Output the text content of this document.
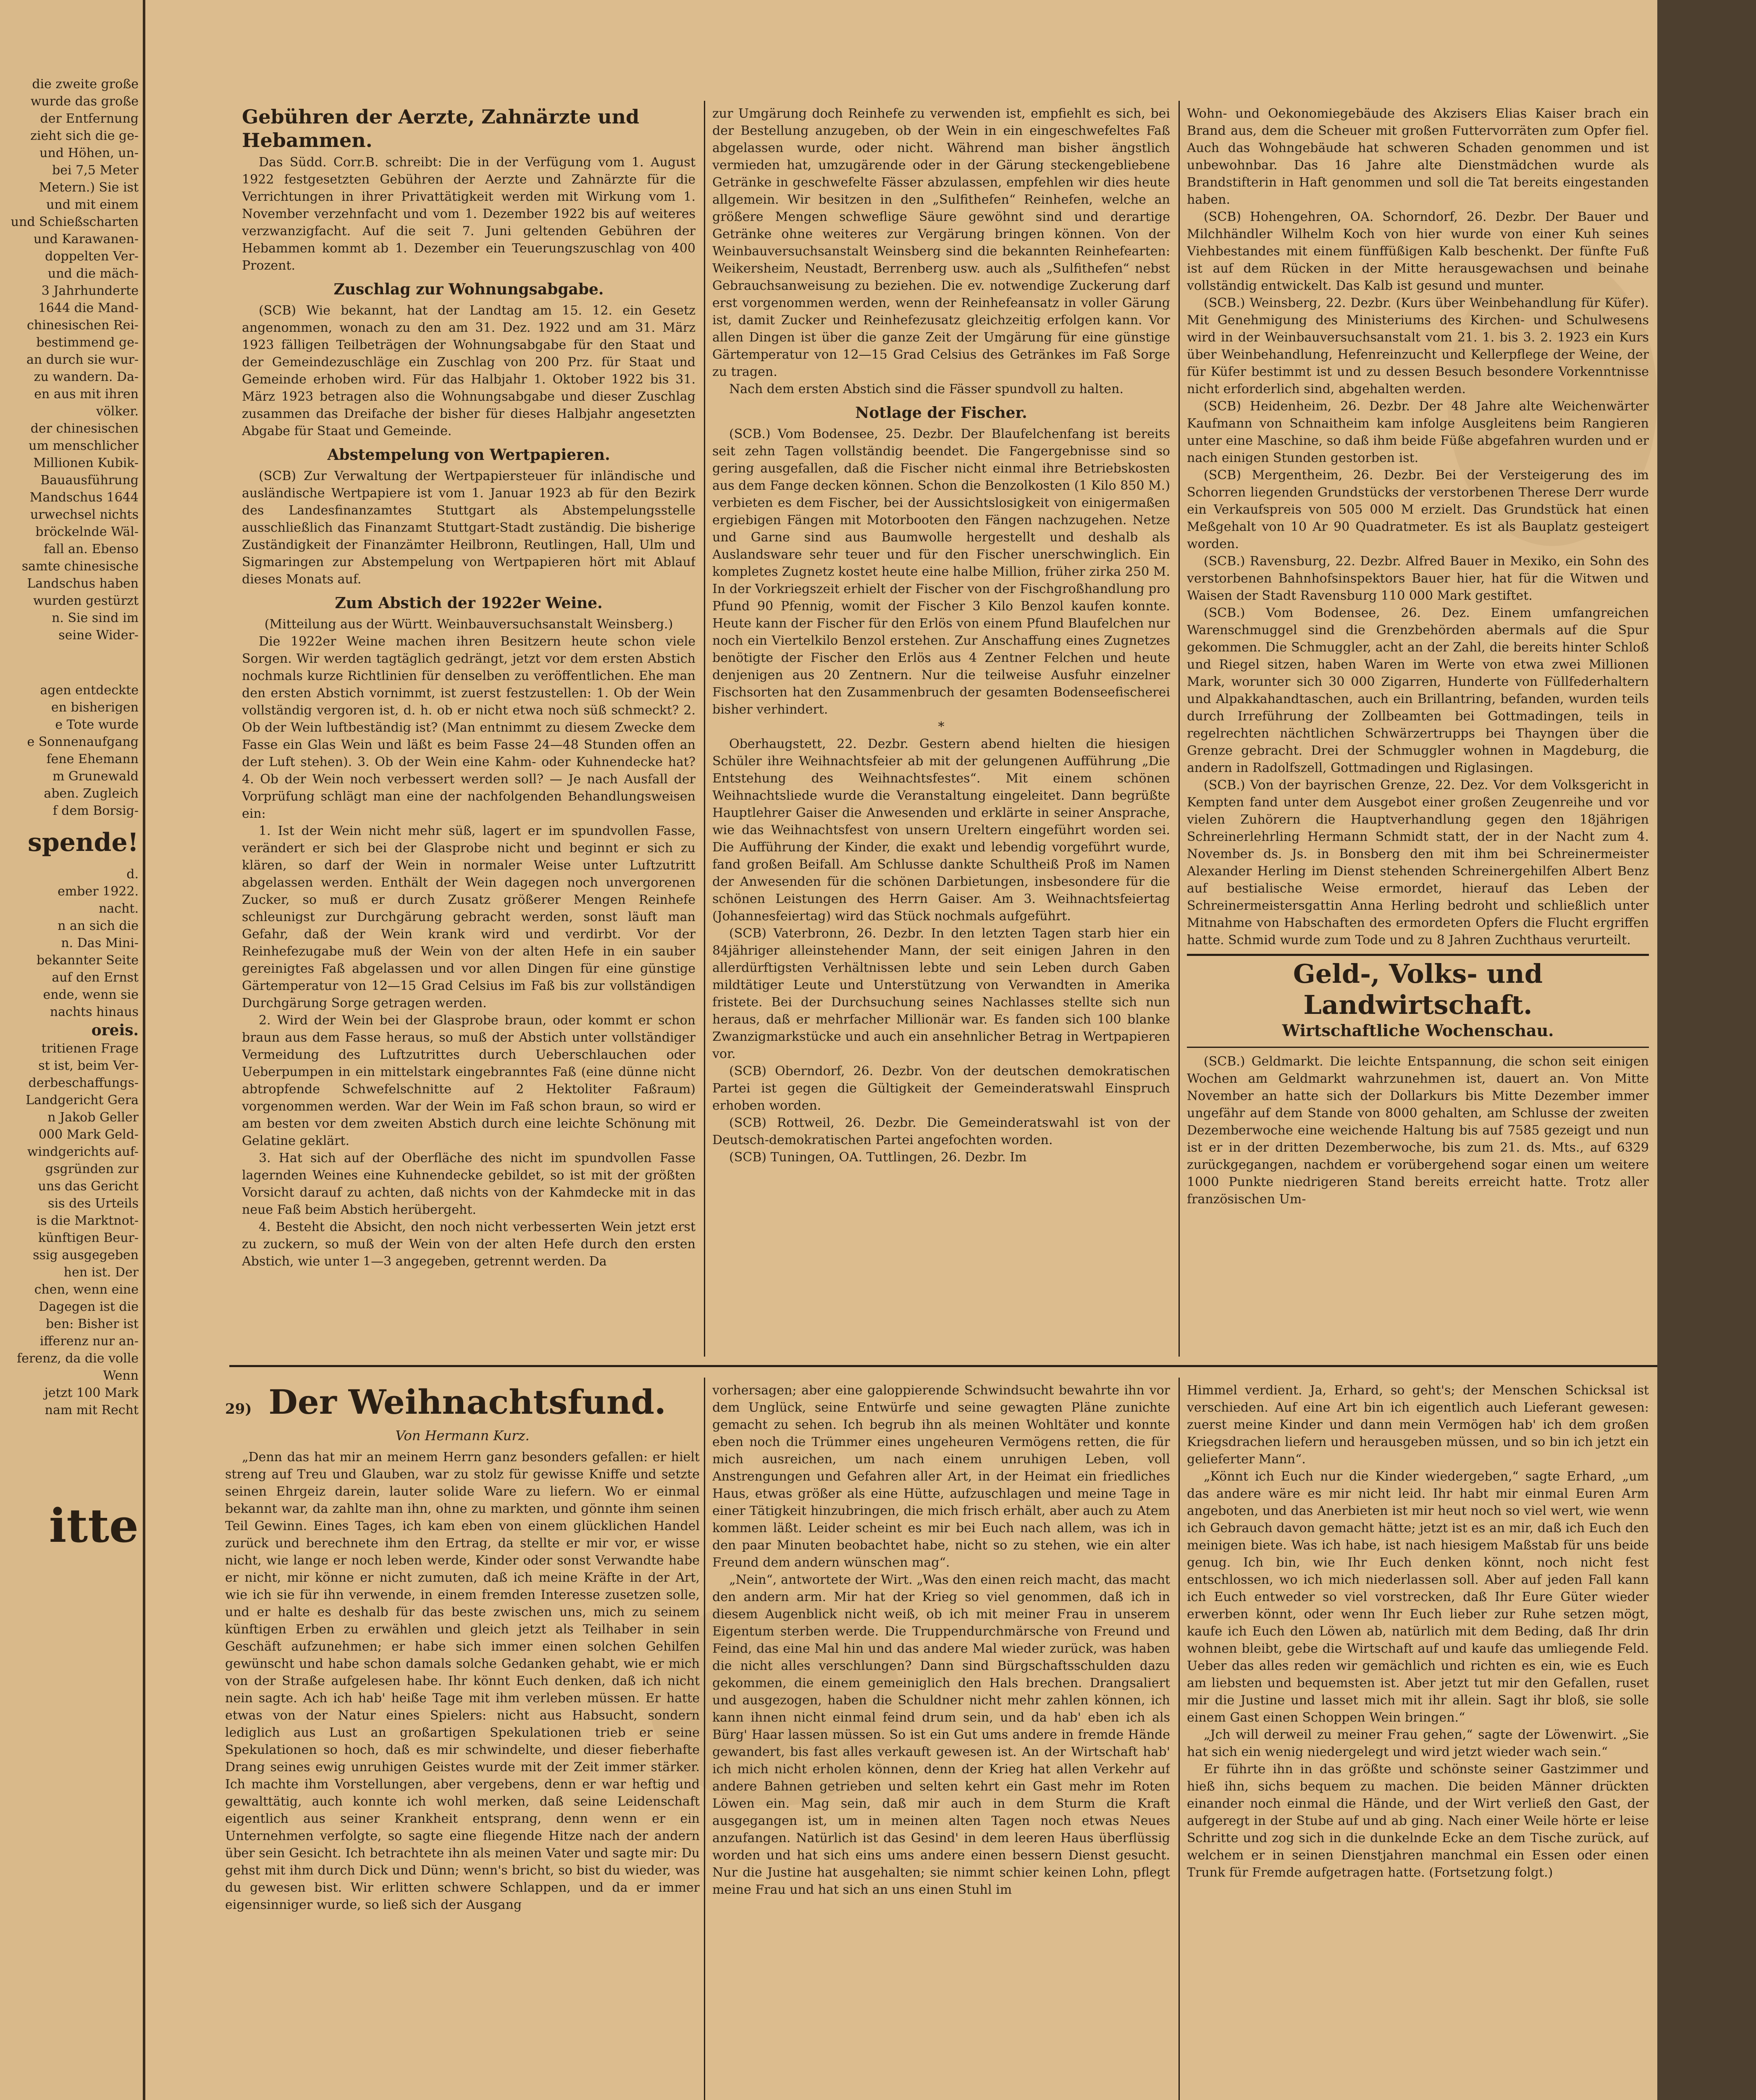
die zweite große
wurde das große
der Entfernung
zieht sich die ge-
und Höhen, un-
bei 7,5 Meter
Metern.) Sie ist
und mit einem
und Schießscharten
und Karawanen-
doppelten Ver-
und die mäch-
3 Jahrhunderte
1644 die Mand-
chinesischen Rei-
bestimmend ge-
an durch sie wur-
zu wandern. Da-
en aus mit ihren
völker.
der chinesischen
um menschlicher
Millionen Kubik-
Bauausführung
Mandschus 1644
urwechsel nichts
bröckelnde Wäl-
fall an. Ebenso
samte chinesische
Landschus haben
wurden gestürzt
n. Sie sind im
seine Wider-
agen entdeckte
en bisherigen
e Tote wurde
e Sonnenaufgang
fene Ehemann
m Grunewald
aben. Zugleich
f dem Borsig-
spende!
d.
ember 1922.
nacht.
n an sich die
n. Das Mini-
bekannter Seite
auf den Ernst
ende, wenn sie
nachts hinaus
oreis.
tritienen Frage
st ist, beim Ver-
derbeschaffungs-
Landgericht Gera
n Jakob Geller
000 Mark Geld-
windgerichts auf-
gsgründen zur
uns das Gericht
sis des Urteils
is die Marktnot-
künftigen Beur-
ssig ausgegeben
hen ist. Der
chen, wenn eine
Dagegen ist die
ben: Bisher ist
ifferenz nur an-
ferenz, da die volle
Wenn
jetzt 100 Mark
nam mit Recht
itte
Gebühren der Aerzte, Zahnärzte und Hebammen.

Das Südd. Corr.B. schreibt: Die in der Verfügung vom 1. August 1922 festgesetzten Gebühren der Aerzte und Zahnärzte für die Verrichtungen in ihrer Privattätigkeit werden mit Wirkung vom 1. November verzehnfacht und vom 1. Dezember 1922 bis auf weiteres verzwanzigfacht. Auf die seit 7. Juni geltenden Gebühren der Hebammen kommt ab 1. Dezember ein Teuerungszuschlag von 400 Prozent.

Zuschlag zur Wohnungsabgabe.

(SCB) Wie bekannt, hat der Landtag am 15. 12. ein Gesetz angenommen, wonach zu den am 31. Dez. 1922 und am 31. März 1923 fälligen Teilbeträgen der Wohnungsabgabe für den Staat und der Gemeindezuschläge ein Zuschlag von 200 Prz. für Staat und Gemeinde erhoben wird. Für das Halbjahr 1. Oktober 1922 bis 31. März 1923 betragen also die Wohnungsabgabe und dieser Zuschlag zusammen das Dreifache der bisher für dieses Halbjahr angesetzten Abgabe für Staat und Gemeinde.

Abstempelung von Wertpapieren.

(SCB) Zur Verwaltung der Wertpapiersteuer für inländische und ausländische Wertpapiere ist vom 1. Januar 1923 ab für den Bezirk des Landesfinanzamtes Stuttgart als Abstempelungsstelle ausschließlich das Finanzamt Stuttgart-Stadt zuständig. Die bisherige Zuständigkeit der Finanzämter Heilbronn, Reutlingen, Hall, Ulm und Sigmaringen zur Abstempelung von Wertpapieren hört mit Ablauf dieses Monats auf.

Zum Abstich der 1922er Weine.

(Mitteilung aus der Württ. Weinbauversuchsanstalt Weinsberg.)

Die 1922er Weine machen ihren Besitzern heute schon viele Sorgen. Wir werden tagtäglich gedrängt, jetzt vor dem ersten Abstich nochmals kurze Richtlinien für denselben zu veröffentlichen. Ehe man den ersten Abstich vornimmt, ist zuerst festzustellen: 1. Ob der Wein vollständig vergoren ist, d. h. ob er nicht etwa noch süß schmeckt? 2. Ob der Wein luftbeständig ist? (Man entnimmt zu diesem Zwecke dem Fasse ein Glas Wein und läßt es beim Fasse 24—48 Stunden offen an der Luft stehen). 3. Ob der Wein eine Kahm- oder Kuhnendecke hat? 4. Ob der Wein noch verbessert werden soll? — Je nach Ausfall der Vorprüfung schlägt man eine der nachfolgenden Behandlungsweisen ein:

1. Ist der Wein nicht mehr süß, lagert er im spundvollen Fasse, verändert er sich bei der Glasprobe nicht und beginnt er sich zu klären, so darf der Wein in normaler Weise unter Luftzutritt abgelassen werden. Enthält der Wein dagegen noch unvergorenen Zucker, so muß er durch Zusatz größerer Mengen Reinhefe schleunigst zur Durchgärung gebracht werden, sonst läuft man Gefahr, daß der Wein krank wird und verdirbt. Vor der Reinhefezugabe muß der Wein von der alten Hefe in ein sauber gereinigtes Faß abgelassen und vor allen Dingen für eine günstige Gärtemperatur von 12—15 Grad Celsius im Faß bis zur vollständigen Durchgärung Sorge getragen werden.

2. Wird der Wein bei der Glasprobe braun, oder kommt er schon braun aus dem Fasse heraus, so muß der Abstich unter vollständiger Vermeidung des Luftzutrittes durch Ueberschlauchen oder Ueberpumpen in ein mittelstark eingebranntes Faß (eine dünne nicht abtropfende Schwefelschnitte auf 2 Hektoliter Faßraum) vorgenommen werden. War der Wein im Faß schon braun, so wird er am besten vor dem zweiten Abstich durch eine leichte Schönung mit Gelatine geklärt.

3. Hat sich auf der Oberfläche des nicht im spundvollen Fasse lagernden Weines eine Kuhnendecke gebildet, so ist mit der größten Vorsicht darauf zu achten, daß nichts von der Kahmdecke mit in das neue Faß beim Abstich herübergeht.

4. Besteht die Absicht, den noch nicht verbesserten Wein jetzt erst zu zuckern, so muß der Wein von der alten Hefe durch den ersten Abstich, wie unter 1—3 angegeben, getrennt werden. Da

zur Umgärung doch Reinhefe zu verwenden ist, empfiehlt es sich, bei der Bestellung anzugeben, ob der Wein in ein eingeschwefeltes Faß abgelassen wurde, oder nicht. Während man bisher ängstlich vermieden hat, umzugärende oder in der Gärung steckengebliebene Getränke in geschwefelte Fässer abzulassen, empfehlen wir dies heute allgemein. Wir besitzen in den „Sulfithefen“ Reinhefen, welche an größere Mengen schweflige Säure gewöhnt sind und derartige Getränke ohne weiteres zur Vergärung bringen können. Von der Weinbauversuchsanstalt Weinsberg sind die bekannten Reinhefearten: Weikersheim, Neustadt, Berrenberg usw. auch als „Sulfithefen“ nebst Gebrauchsanweisung zu beziehen. Die ev. notwendige Zuckerung darf erst vorgenommen werden, wenn der Reinhefeansatz in voller Gärung ist, damit Zucker und Reinhefezusatz gleichzeitig erfolgen kann. Vor allen Dingen ist über die ganze Zeit der Umgärung für eine günstige Gärtemperatur von 12—15 Grad Celsius des Getränkes im Faß Sorge zu tragen.

Nach dem ersten Abstich sind die Fässer spundvoll zu halten.

Notlage der Fischer.

(SCB.) Vom Bodensee, 25. Dezbr. Der Blaufelchenfang ist bereits seit zehn Tagen vollständig beendet. Die Fangergebnisse sind so gering ausgefallen, daß die Fischer nicht einmal ihre Betriebskosten aus dem Fange decken können. Schon die Benzolkosten (1 Kilo 850 M.) verbieten es dem Fischer, bei der Aussichtslosigkeit von einigermaßen ergiebigen Fängen mit Motorbooten den Fängen nachzugehen. Netze und Garne sind aus Baumwolle hergestellt und deshalb als Auslandsware sehr teuer und für den Fischer unerschwinglich. Ein kompletes Zugnetz kostet heute eine halbe Million, früher zirka 250 M. In der Vorkriegszeit erhielt der Fischer von der Fischgroßhandlung pro Pfund 90 Pfennig, womit der Fischer 3 Kilo Benzol kaufen konnte. Heute kann der Fischer für den Erlös von einem Pfund Blaufelchen nur noch ein Viertelkilo Benzol erstehen. Zur Anschaffung eines Zugnetzes benötigte der Fischer den Erlös aus 4 Zentner Felchen und heute denjenigen aus 20 Zentnern. Nur die teilweise Ausfuhr einzelner Fischsorten hat den Zusammenbruch der gesamten Bodenseefischerei bisher verhindert.

*

Oberhaugstett, 22. Dezbr. Gestern abend hielten die hiesigen Schüler ihre Weihnachtsfeier ab mit der gelungenen Aufführung „Die Entstehung des Weihnachtsfestes“. Mit einem schönen Weihnachtsliede wurde die Veranstaltung eingeleitet. Dann begrüßte Hauptlehrer Gaiser die Anwesenden und erklärte in seiner Ansprache, wie das Weihnachtsfest von unsern Ureltern eingeführt worden sei. Die Aufführung der Kinder, die exakt und lebendig vorgeführt wurde, fand großen Beifall. Am Schlusse dankte Schultheiß Proß im Namen der Anwesenden für die schönen Darbietungen, insbesondere für die schönen Leistungen des Herrn Gaiser. Am 3. Weihnachtsfeiertag (Johannesfeiertag) wird das Stück nochmals aufgeführt.

(SCB) Vaterbronn, 26. Dezbr. In den letzten Tagen starb hier ein 84jähriger alleinstehender Mann, der seit einigen Jahren in den allerdürftigsten Verhältnissen lebte und sein Leben durch Gaben mildtätiger Leute und Unterstützung von Verwandten in Amerika fristete. Bei der Durchsuchung seines Nachlasses stellte sich nun heraus, daß er mehrfacher Millionär war. Es fanden sich 100 blanke Zwanzigmarkstücke und auch ein ansehnlicher Betrag in Wertpapieren vor.

(SCB) Oberndorf, 26. Dezbr. Von der deutschen demokratischen Partei ist gegen die Gültigkeit der Gemeinderatswahl Einspruch erhoben worden.

(SCB) Rottweil, 26. Dezbr. Die Gemeinderatswahl ist von der Deutsch-demokratischen Partei angefochten worden.

(SCB) Tuningen, OA. Tuttlingen, 26. Dezbr. Im

Wohn- und Oekonomiegebäude des Akzisers Elias Kaiser brach ein Brand aus, dem die Scheuer mit großen Futtervorräten zum Opfer fiel. Auch das Wohngebäude hat schweren Schaden genommen und ist unbewohnbar. Das 16 Jahre alte Dienstmädchen wurde als Brandstifterin in Haft genommen und soll die Tat bereits eingestanden haben.

(SCB) Hohengehren, OA. Schorndorf, 26. Dezbr. Der Bauer und Milchhändler Wilhelm Koch von hier wurde von einer Kuh seines Viehbestandes mit einem fünffüßigen Kalb beschenkt. Der fünfte Fuß ist auf dem Rücken in der Mitte herausgewachsen und beinahe vollständig entwickelt. Das Kalb ist gesund und munter.

(SCB.) Weinsberg, 22. Dezbr. (Kurs über Weinbehandlung für Küfer). Mit Genehmigung des Ministeriums des Kirchen- und Schulwesens wird in der Weinbauversuchsanstalt vom 21. 1. bis 3. 2. 1923 ein Kurs über Weinbehandlung, Hefenreinzucht und Kellerpflege der Weine, der für Küfer bestimmt ist und zu dessen Besuch besondere Vorkenntnisse nicht erforderlich sind, abgehalten werden.

(SCB) Heidenheim, 26. Dezbr. Der 48 Jahre alte Weichenwärter Kaufmann von Schnaitheim kam infolge Ausgleitens beim Rangieren unter eine Maschine, so daß ihm beide Füße abgefahren wurden und er nach einigen Stunden gestorben ist.

(SCB) Mergentheim, 26. Dezbr. Bei der Versteigerung des im Schorren liegenden Grundstücks der verstorbenen Therese Derr wurde ein Verkaufspreis von 505 000 M erzielt. Das Grundstück hat einen Meßgehalt von 10 Ar 90 Quadratmeter. Es ist als Bauplatz gesteigert worden.

(SCB.) Ravensburg, 22. Dezbr. Alfred Bauer in Mexiko, ein Sohn des verstorbenen Bahnhofsinspektors Bauer hier, hat für die Witwen und Waisen der Stadt Ravensburg 110 000 Mark gestiftet.

(SCB.) Vom Bodensee, 26. Dez. Einem umfangreichen Warenschmuggel sind die Grenzbehörden abermals auf die Spur gekommen. Die Schmuggler, acht an der Zahl, die bereits hinter Schloß und Riegel sitzen, haben Waren im Werte von etwa zwei Millionen Mark, worunter sich 30 000 Zigarren, Hunderte von Füllfederhaltern und Alpakkahandtaschen, auch ein Brillantring, befanden, wurden teils durch Irreführung der Zollbeamten bei Gottmadingen, teils in regelrechten nächtlichen Schwärzertrupps bei Thayngen über die Grenze gebracht. Drei der Schmuggler wohnen in Magdeburg, die andern in Radolfszell, Gottmadingen und Riglasingen.

(SCB.) Von der bayrischen Grenze, 22. Dez. Vor dem Volksgericht in Kempten fand unter dem Ausgebot einer großen Zeugenreihe und vor vielen Zuhörern die Hauptverhandlung gegen den 18jährigen Schreinerlehrling Hermann Schmidt statt, der in der Nacht zum 4. November ds. Js. in Bonsberg den mit ihm bei Schreinermeister Alexander Herling im Dienst stehenden Schreinergehilfen Albert Benz auf bestialische Weise ermordet, hierauf das Leben der Schreinermeistersgattin Anna Herling bedroht und schließlich unter Mitnahme von Habschaften des ermordeten Opfers die Flucht ergriffen hatte. Schmid wurde zum Tode und zu 8 Jahren Zuchthaus verurteilt.

Geld-, Volks- und Landwirtschaft.
Wirtschaftliche Wochenschau.

(SCB.) Geldmarkt. Die leichte Entspannung, die schon seit einigen Wochen am Geldmarkt wahrzunehmen ist, dauert an. Von Mitte November an hatte sich der Dollarkurs bis Mitte Dezember immer ungefähr auf dem Stande von 8000 gehalten, am Schlusse der zweiten Dezemberwoche eine weichende Haltung bis auf 7585 gezeigt und nun ist er in der dritten Dezemberwoche, bis zum 21. ds. Mts., auf 6329 zurückgegangen, nachdem er vorübergehend sogar einen um weitere 1000 Punkte niedrigeren Stand bereits erreicht hatte. Trotz aller französischen Um-

29) Der Weihnachtsfund.
Von Hermann Kurz.

„Denn das hat mir an meinem Herrn ganz besonders gefallen: er hielt streng auf Treu und Glauben, war zu stolz für gewisse Kniffe und setzte seinen Ehrgeiz darein, lauter solide Ware zu liefern. Wo er einmal bekannt war, da zahlte man ihn, ohne zu markten, und gönnte ihm seinen Teil Gewinn. Eines Tages, ich kam eben von einem glücklichen Handel zurück und berechnete ihm den Ertrag, da stellte er mir vor, er wisse nicht, wie lange er noch leben werde, Kinder oder sonst Verwandte habe er nicht, mir könne er nicht zumuten, daß ich meine Kräfte in der Art, wie ich sie für ihn verwende, in einem fremden Interesse zusetzen solle, und er halte es deshalb für das beste zwischen uns, mich zu seinem künftigen Erben zu erwählen und gleich jetzt als Teilhaber in sein Geschäft aufzunehmen; er habe sich immer einen solchen Gehilfen gewünscht und habe schon damals solche Gedanken gehabt, wie er mich von der Straße aufgelesen habe. Ihr könnt Euch denken, daß ich nicht nein sagte. Ach ich hab' heiße Tage mit ihm verleben müssen. Er hatte etwas von der Natur eines Spielers: nicht aus Habsucht, sondern lediglich aus Lust an großartigen Spekulationen trieb er seine Spekulationen so hoch, daß es mir schwindelte, und dieser fieberhafte Drang seines ewig unruhigen Geistes wurde mit der Zeit immer stärker. Ich machte ihm Vorstellungen, aber vergebens, denn er war heftig und gewalttätig, auch konnte ich wohl merken, daß seine Leidenschaft eigentlich aus seiner Krankheit entsprang, denn wenn er ein Unternehmen verfolgte, so sagte eine fliegende Hitze nach der andern über sein Gesicht. Ich betrachtete ihn als meinen Vater und sagte mir: Du gehst mit ihm durch Dick und Dünn; wenn's bricht, so bist du wieder, was du gewesen bist. Wir erlitten schwere Schlappen, und da er immer eigensinniger wurde, so ließ sich der Ausgang

vorhersagen; aber eine galoppierende Schwindsucht bewahrte ihn vor dem Unglück, seine Entwürfe und seine gewagten Pläne zunichte gemacht zu sehen. Ich begrub ihn als meinen Wohltäter und konnte eben noch die Trümmer eines ungeheuren Vermögens retten, die für mich ausreichen, um nach einem unruhigen Leben, voll Anstrengungen und Gefahren aller Art, in der Heimat ein friedliches Haus, etwas größer als eine Hütte, aufzuschlagen und meine Tage in einer Tätigkeit hinzubringen, die mich frisch erhält, aber auch zu Atem kommen läßt. Leider scheint es mir bei Euch nach allem, was ich in den paar Minuten beobachtet habe, nicht so zu stehen, wie ein alter Freund dem andern wünschen mag“.

„Nein“, antwortete der Wirt. „Was den einen reich macht, das macht den andern arm. Mir hat der Krieg so viel genommen, daß ich in diesem Augenblick nicht weiß, ob ich mit meiner Frau in unserem Eigentum sterben werde. Die Truppendurchmärsche von Freund und Feind, das eine Mal hin und das andere Mal wieder zurück, was haben die nicht alles verschlungen? Dann sind Bürgschaftsschulden dazu gekommen, die einem gemeiniglich den Hals brechen. Drangsaliert und ausgezogen, haben die Schuldner nicht mehr zahlen können, ich kann ihnen nicht einmal feind drum sein, und da hab' eben ich als Bürg' Haar lassen müssen. So ist ein Gut ums andere in fremde Hände gewandert, bis fast alles verkauft gewesen ist. An der Wirtschaft hab' ich mich nicht erholen können, denn der Krieg hat allen Verkehr auf andere Bahnen getrieben und selten kehrt ein Gast mehr im Roten Löwen ein. Mag sein, daß mir auch in dem Sturm die Kraft ausgegangen ist, um in meinen alten Tagen noch etwas Neues anzufangen. Natürlich ist das Gesind' in dem leeren Haus überflüssig worden und hat sich eins ums andere einen bessern Dienst gesucht. Nur die Justine hat ausgehalten; sie nimmt schier keinen Lohn, pflegt meine Frau und hat sich an uns einen Stuhl im

Himmel verdient. Ja, Erhard, so geht's; der Menschen Schicksal ist verschieden. Auf eine Art bin ich eigentlich auch Lieferant gewesen: zuerst meine Kinder und dann mein Vermögen hab' ich dem großen Kriegsdrachen liefern und herausgeben müssen, und so bin ich jetzt ein gelieferter Mann“.

„Könnt ich Euch nur die Kinder wiedergeben,“ sagte Erhard, „um das andere wäre es mir nicht leid. Ihr habt mir einmal Euren Arm angeboten, und das Anerbieten ist mir heut noch so viel wert, wie wenn ich Gebrauch davon gemacht hätte; jetzt ist es an mir, daß ich Euch den meinigen biete. Was ich habe, ist nach hiesigem Maßstab für uns beide genug. Ich bin, wie Ihr Euch denken könnt, noch nicht fest entschlossen, wo ich mich niederlassen soll. Aber auf jeden Fall kann ich Euch entweder so viel vorstrecken, daß Ihr Eure Güter wieder erwerben könnt, oder wenn Ihr Euch lieber zur Ruhe setzen mögt, kaufe ich Euch den Löwen ab, natürlich mit dem Beding, daß Ihr drin wohnen bleibt, gebe die Wirtschaft auf und kaufe das umliegende Feld. Ueber das alles reden wir gemächlich und richten es ein, wie es Euch am liebsten und bequemsten ist. Aber jetzt tut mir den Gefallen, ruset mir die Justine und lasset mich mit ihr allein. Sagt ihr bloß, sie solle einem Gast einen Schoppen Wein bringen.“

„Jch will derweil zu meiner Frau gehen,“ sagte der Löwenwirt. „Sie hat sich ein wenig niedergelegt und wird jetzt wieder wach sein.“

Er führte ihn in das größte und schönste seiner Gastzimmer und hieß ihn, sichs bequem zu machen. Die beiden Männer drückten einander noch einmal die Hände, und der Wirt verließ den Gast, der aufgeregt in der Stube auf und ab ging. Nach einer Weile hörte er leise Schritte und zog sich in die dunkelnde Ecke an dem Tische zurück, auf welchem er in seinen Dienstjahren manchmal ein Essen oder einen Trunk für Fremde aufgetragen hatte. (Fortsetzung folgt.)
